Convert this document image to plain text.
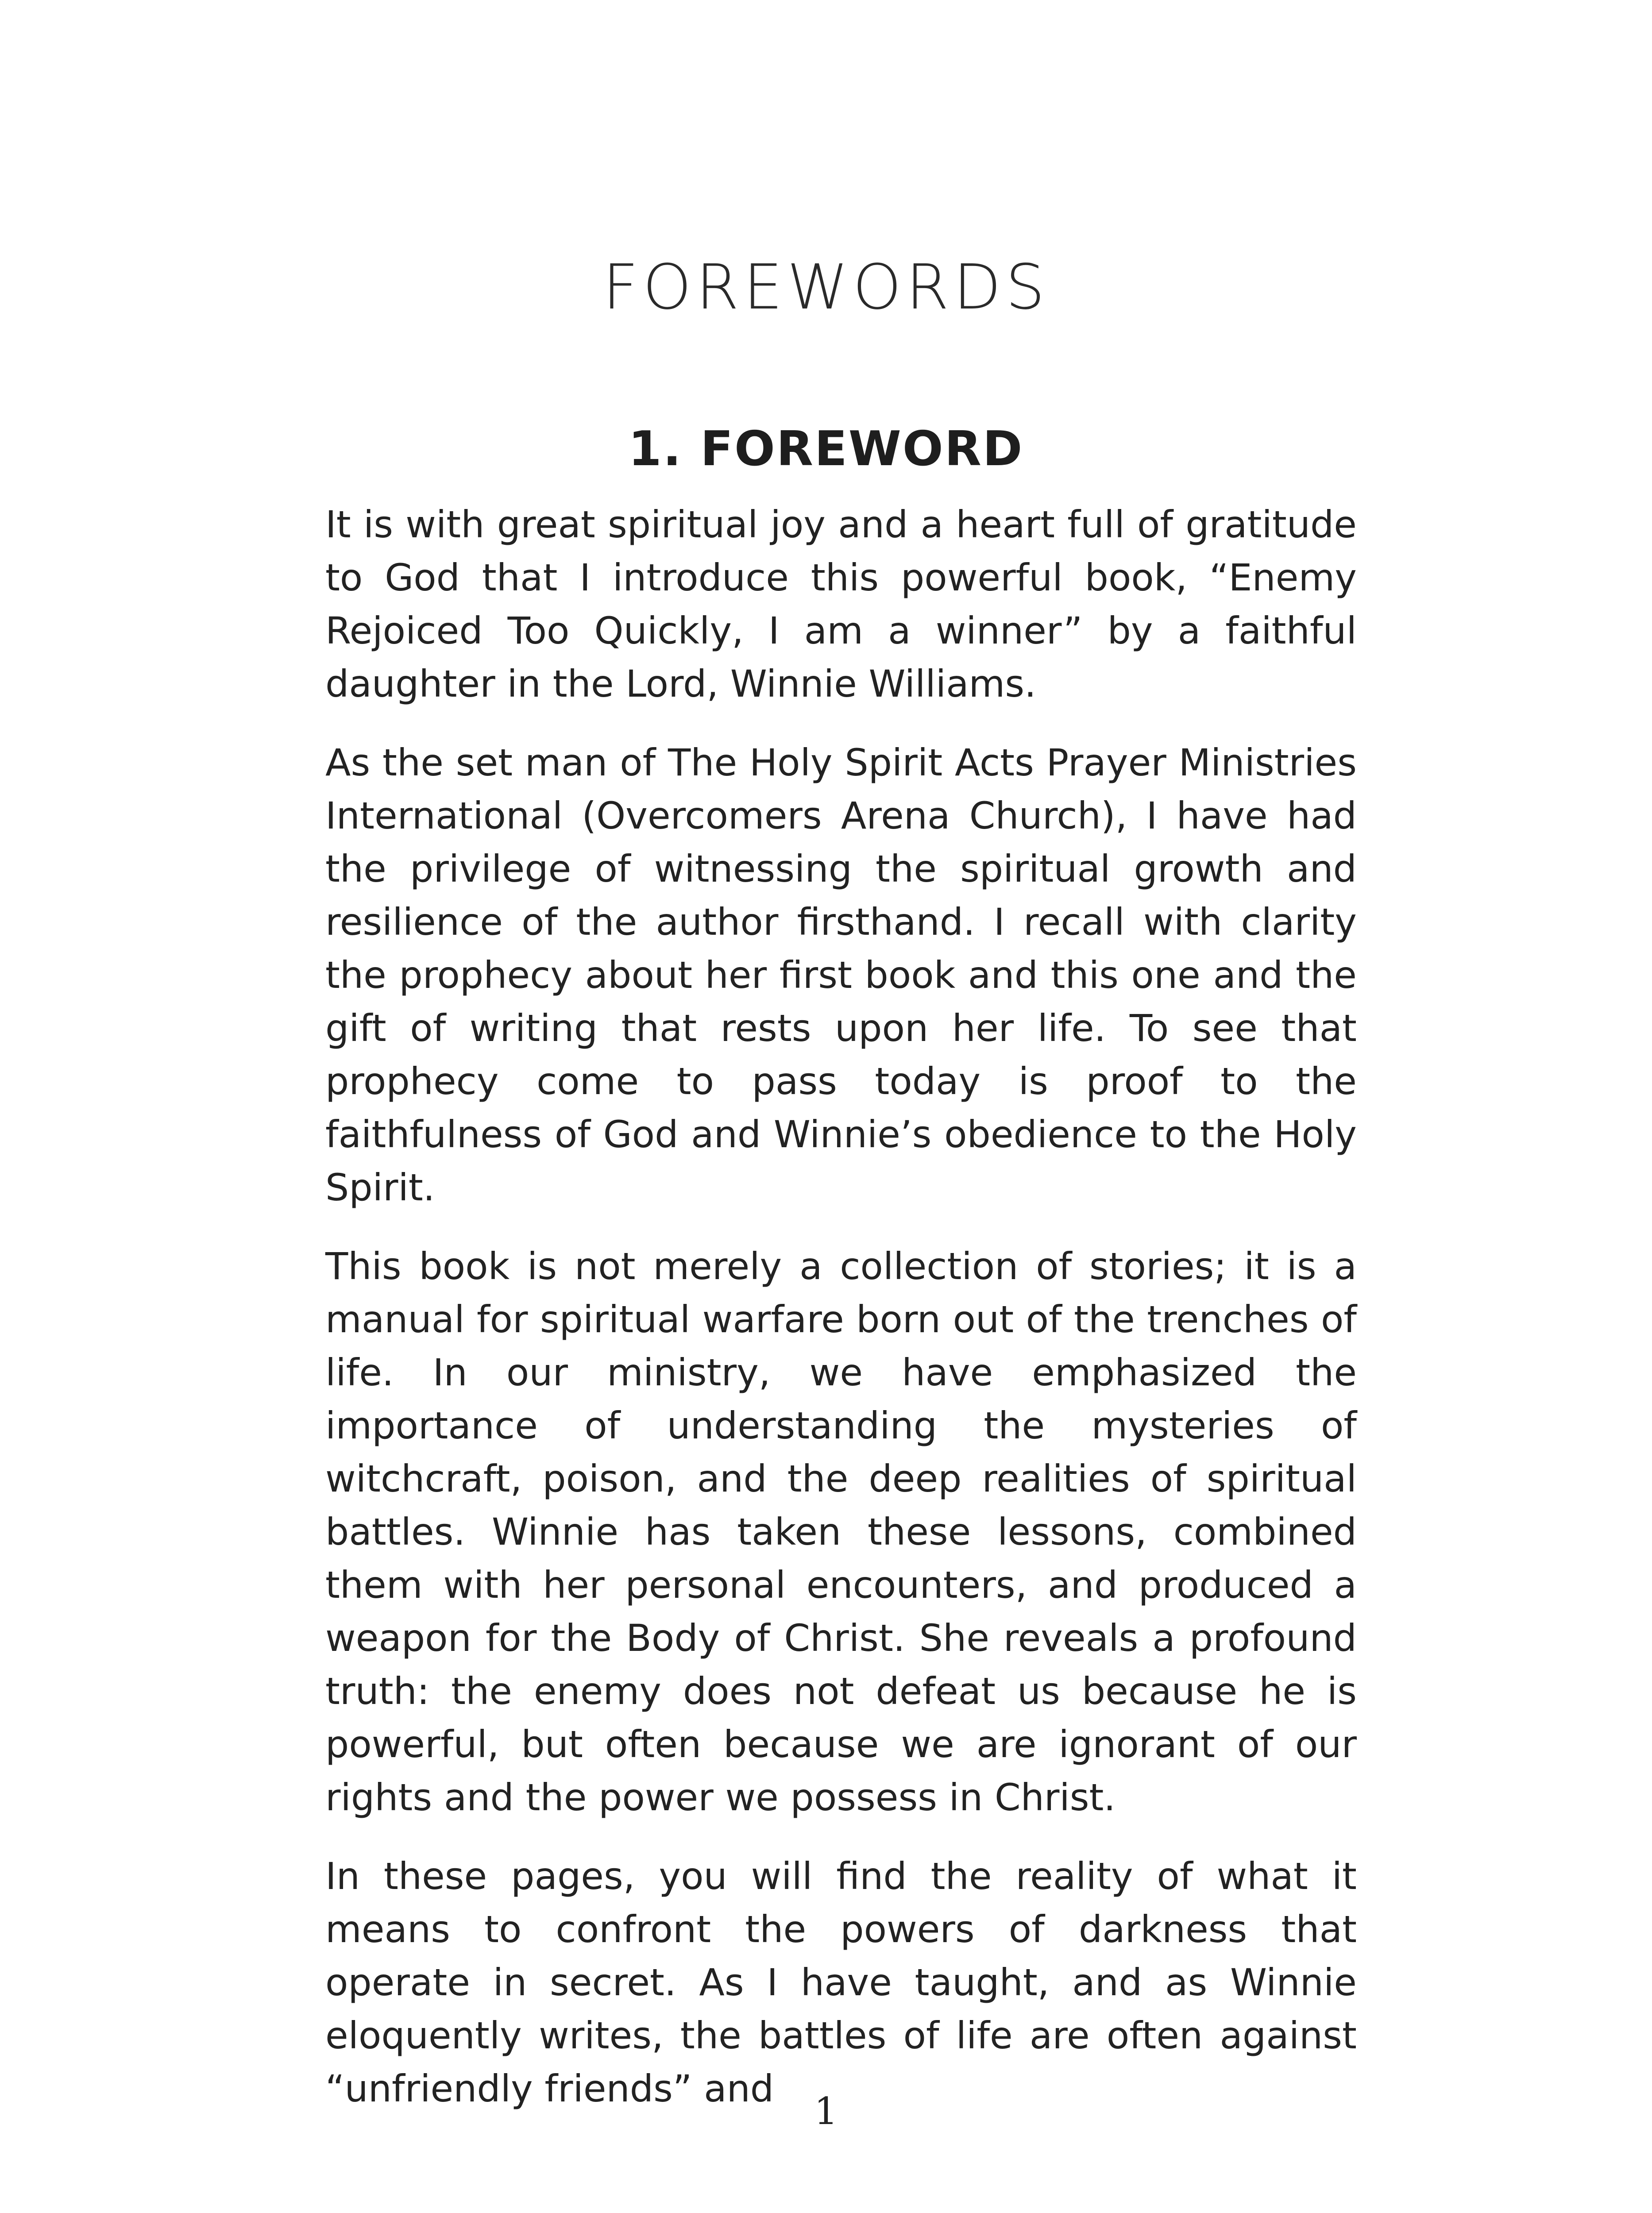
FOREWORDS
1. FOREWORD

It is with great spiritual joy and a heart full of gratitude to God that I introduce this powerful book, “Enemy Rejoiced Too Quickly, I am a winner” by a faithful daughter in the Lord, Winnie Williams.

As the set man of The Holy Spirit Acts Prayer Ministries International (Overcomers Arena Church), I have had the privilege of witnessing the spiritual growth and resilience of the author firsthand. I recall with clarity the prophecy about her first book and this one and the gift of writing that rests upon her life. To see that prophecy come to pass today is proof to the faithfulness of God and Winnie’s obedience to the Holy Spirit.

This book is not merely a collection of stories; it is a manual for spiritual warfare born out of the trenches of life. In our ministry, we have emphasized the importance of understanding the mysteries of witchcraft, poison, and the deep realities of spiritual battles. Winnie has taken these lessons, combined them with her personal encounters, and produced a weapon for the Body of Christ. She reveals a profound truth: the enemy does not defeat us because he is powerful, but often because we are ignorant of our rights and the power we possess in Christ.

In these pages, you will find the reality of what it means to confront the powers of darkness that operate in secret. As I have taught, and as Winnie eloquently writes, the battles of life are often against “unfriendly friends” and

1
